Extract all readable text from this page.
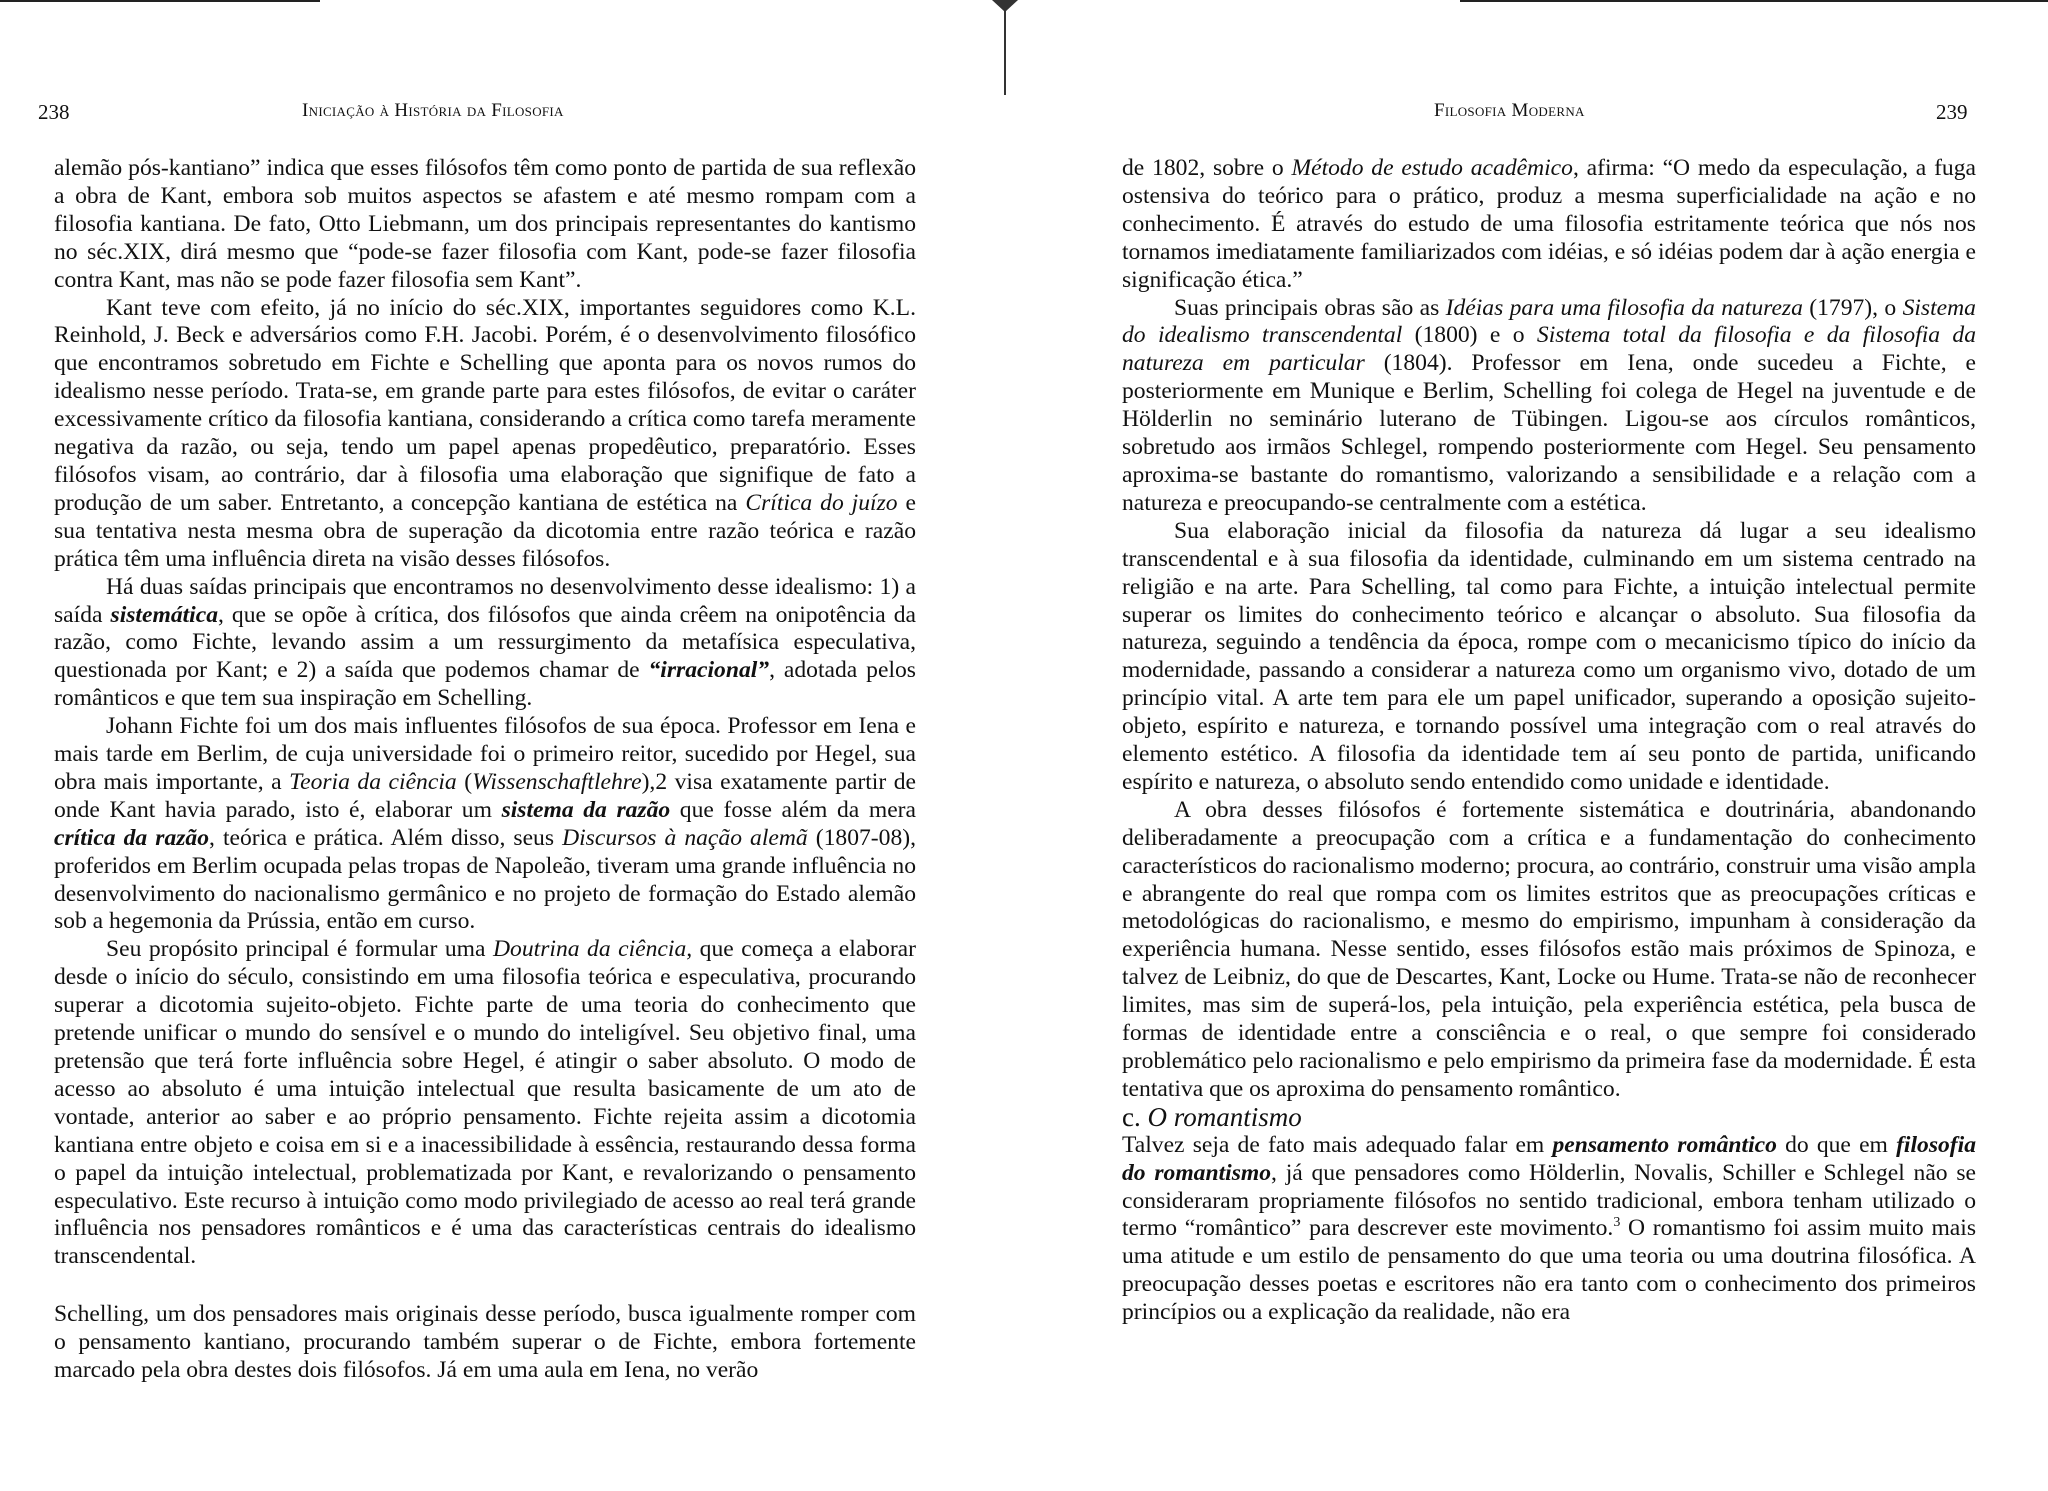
238	Iniciação à História da Filosofia

alemão pós-kantiano” indica que esses filósofos têm como ponto de partida de sua reflexão a obra de Kant, embora sob muitos aspectos se afastem e até mesmo rompam com a filosofia kantiana. De fato, Otto Liebmann, um dos principais representantes do kantismo no séc.XIX, dirá mesmo que “pode-se fazer filosofia com Kant, pode-se fazer filosofia contra Kant, mas não se pode fazer filosofia sem Kant”.

Kant teve com efeito, já no início do séc.XIX, importantes seguidores como K.L. Reinhold, J. Beck e adversários como F.H. Jacobi. Porém, é o desenvolvimento filosófico que encontramos sobretudo em Fichte e Schelling que aponta para os novos rumos do idealismo nesse período. Trata-se, em grande parte para estes filósofos, de evitar o caráter excessivamente crítico da filosofia kantiana, considerando a crítica como tarefa meramente negativa da razão, ou seja, tendo um papel apenas propedêutico, preparatório. Esses filósofos visam, ao contrário, dar à filosofia uma elaboração que signifique de fato a produção de um saber. Entretanto, a concepção kantiana de estética na Crítica do juízo e sua tentativa nesta mesma obra de superação da dicotomia entre razão teórica e razão prática têm uma influência direta na visão desses filósofos.

Há duas saídas principais que encontramos no desenvolvimento desse idealismo: 1) a saída sistemática, que se opõe à crítica, dos filósofos que ainda crêem na onipotência da razão, como Fichte, levando assim a um ressurgimento da metafísica especulativa, questionada por Kant; e 2) a saída que podemos chamar de “irracional”, adotada pelos românticos e que tem sua inspiração em Schelling.

Johann Fichte foi um dos mais influentes filósofos de sua época. Professor em Iena e mais tarde em Berlim, de cuja universidade foi o primeiro reitor, sucedido por Hegel, sua obra mais importante, a Teoria da ciência (Wissenschaftlehre),2 visa exatamente partir de onde Kant havia parado, isto é, elaborar um sistema da razão que fosse além da mera crítica da razão, teórica e prática. Além disso, seus Discursos à nação alemã (1807-08), proferidos em Berlim ocupada pelas tropas de Napoleão, tiveram uma grande influência no desenvolvimento do nacionalismo germânico e no projeto de formação do Estado alemão sob a hegemonia da Prússia, então em curso.

Seu propósito principal é formular uma Doutrina da ciência, que começa a elaborar desde o início do século, consistindo em uma filosofia teórica e especulativa, procurando superar a dicotomia sujeito-objeto. Fichte parte de uma teoria do conhecimento que pretende unificar o mundo do sensível e o mundo do inteligível. Seu objetivo final, uma pretensão que terá forte influência sobre Hegel, é atingir o saber absoluto. O modo de acesso ao absoluto é uma intuição intelectual que resulta basicamente de um ato de vontade, anterior ao saber e ao próprio pensamento. Fichte rejeita assim a dicotomia kantiana entre objeto e coisa em si e a inacessibilidade à essência, restaurando dessa forma o papel da intuição intelectual, problematizada por Kant, e revalorizando o pensamento especulativo. Este recurso à intuição como modo privilegiado de acesso ao real terá grande influência nos pensadores românticos e é uma das características centrais do idealismo transcendental.

Schelling, um dos pensadores mais originais desse período, busca igualmente romper com o pensamento kantiano, procurando também superar o de Fichte, embora fortemente marcado pela obra destes dois filósofos. Já em uma aula em Iena, no verão

Filosofia Moderna	239

de 1802, sobre o Método de estudo acadêmico, afirma: “O medo da especulação, a fuga ostensiva do teórico para o prático, produz a mesma superficialidade na ação e no conhecimento. É através do estudo de uma filosofia estritamente teórica que nós nos tornamos imediatamente familiarizados com idéias, e só idéias podem dar à ação energia e significação ética.”

Suas principais obras são as Idéias para uma filosofia da natureza (1797), o Sistema do idealismo transcendental (1800) e o Sistema total da filosofia e da filosofia da natureza em particular (1804). Professor em Iena, onde sucedeu a Fichte, e posteriormente em Munique e Berlim, Schelling foi colega de Hegel na juventude e de Hölderlin no seminário luterano de Tübingen. Ligou-se aos círculos românticos, sobretudo aos irmãos Schlegel, rompendo posteriormente com Hegel. Seu pensamento aproxima-se bastante do romantismo, valorizando a sensibilidade e a relação com a natureza e preocupando-se centralmente com a estética.

Sua elaboração inicial da filosofia da natureza dá lugar a seu idealismo transcendental e à sua filosofia da identidade, culminando em um sistema centrado na religião e na arte. Para Schelling, tal como para Fichte, a intuição intelectual permite superar os limites do conhecimento teórico e alcançar o absoluto. Sua filosofia da natureza, seguindo a tendência da época, rompe com o mecanicismo típico do início da modernidade, passando a considerar a natureza como um organismo vivo, dotado de um princípio vital. A arte tem para ele um papel unificador, superando a oposição sujeito-objeto, espírito e natureza, e tornando possível uma integração com o real através do elemento estético. A filosofia da identidade tem aí seu ponto de partida, unificando espírito e natureza, o absoluto sendo entendido como unidade e identidade.

A obra desses filósofos é fortemente sistemática e doutrinária, abandonando deliberadamente a preocupação com a crítica e a fundamentação do conhecimento característicos do racionalismo moderno; procura, ao contrário, construir uma visão ampla e abrangente do real que rompa com os limites estritos que as preocupações críticas e metodológicas do racionalismo, e mesmo do empirismo, impunham à consideração da experiência humana. Nesse sentido, esses filósofos estão mais próximos de Spinoza, e talvez de Leibniz, do que de Descartes, Kant, Locke ou Hume. Trata-se não de reconhecer limites, mas sim de superá-los, pela intuição, pela experiência estética, pela busca de formas de identidade entre a consciência e o real, o que sempre foi considerado problemático pelo racionalismo e pelo empirismo da primeira fase da modernidade. É esta tentativa que os aproxima do pensamento romântico.

c. O romantismo

Talvez seja de fato mais adequado falar em pensamento romântico do que em filosofia do romantismo, já que pensadores como Hölderlin, Novalis, Schiller e Schlegel não se consideraram propriamente filósofos no sentido tradicional, embora tenham utilizado o termo “romântico” para descrever este movimento.$^3$ O romantismo foi assim muito mais uma atitude e um estilo de pensamento do que uma teoria ou uma doutrina filosófica. A preocupação desses poetas e escritores não era tanto com o conhecimento dos primeiros princípios ou a explicação da realidade, não era
